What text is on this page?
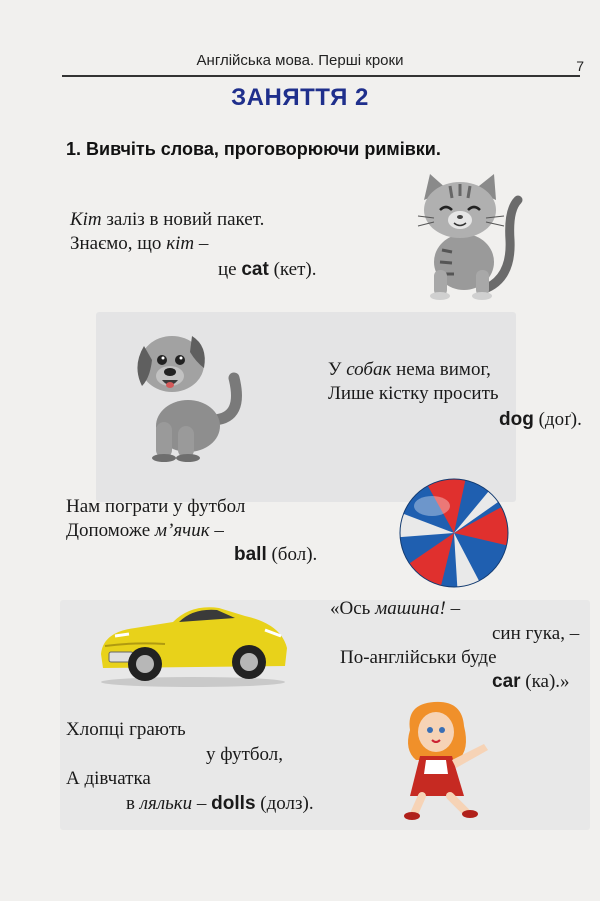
Англійська мова. Перші кроки	7
ЗАНЯТТЯ 2
1. Вивчіть слова, проговорюючи римівки.
Кіт заліз в новий пакет.
Знаємо, що кіт –
це cat (кет).
У собак нема вимог,
Лише кістку просить
dog (доґ).
Нам пограти у футбол
Допоможе м’ячик –
ball (бол).
«Ось машина! –
син гука, –
По-англійськи буде
car (ка).»
Хлопці грають
у футбол,
А дівчатка
в ляльки – dolls (долз).
